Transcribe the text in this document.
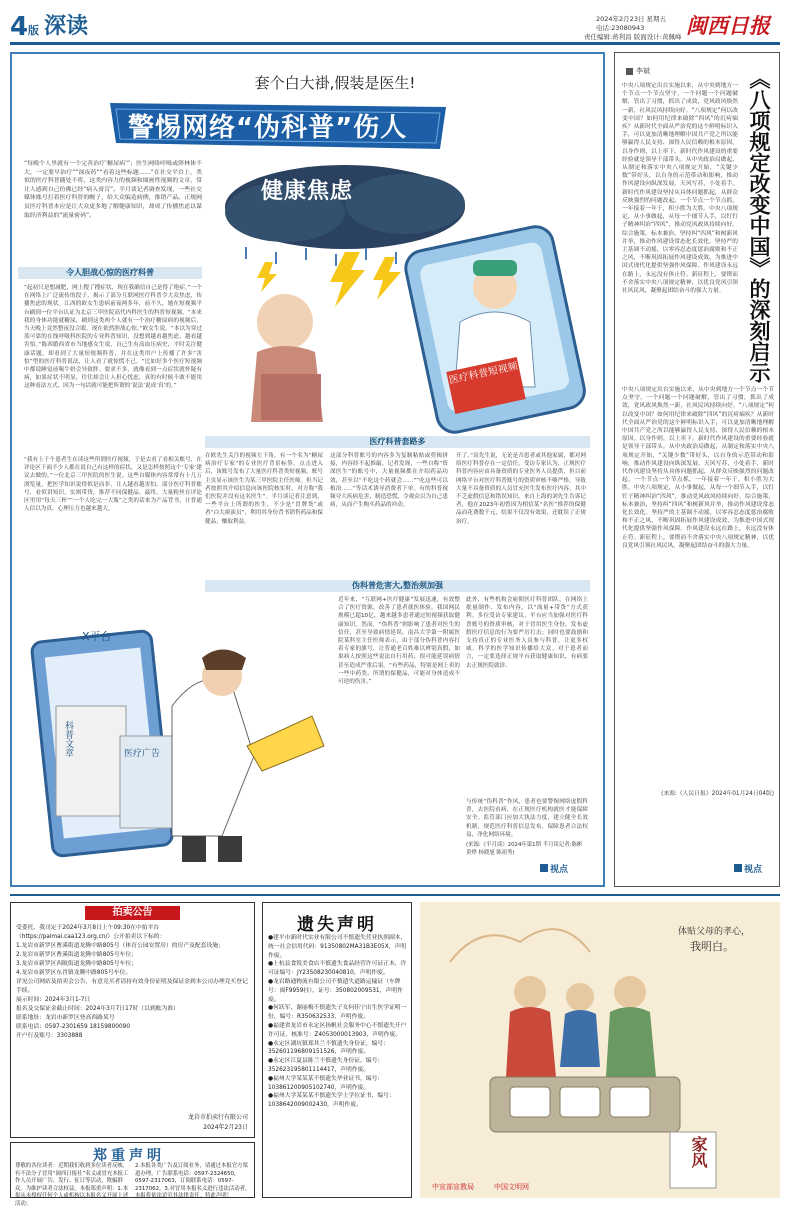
4 版 深读	2024年2月23日 星期五
电话:23080943
责任编辑:蒋利昌 版面设计:黄佩峰 闽西日报
套个白大褂,假装是医生!
警惕网络“伪科普”伤人
“每晚个人里就有一个完善治疗‘糖尿病’”；医生网络呼吸或胖林体不大，一定要早治疗”“深夜药”“看着这些标题……”在社交平台上，类似的医疗科普随处不将，这类内容力的视频和图画性视频的文章，常让人感到自己仿佛已经“病入膏肓”。半月谈记者调查发现，一些社交媒体账号打着医疗科普的幌子，给大众编造病例、推销产品。正规网页医疗科普本应是让大众更多地了解健康知识，却成了传播焦虑以谋取经济利益的“流量密码”。
健康焦虑
医疗科普短视频
令人胆战心惊的医疗科普
“起初只是想减肥，网上搜了搜症状，现在我确信自己是得了绝症。”一个在网络上广泛流传的段子，揭示了部分互联网医疗科普令大众焦虑，传播焦虑的现状。江西的欧女生患病前夜两多年，前不久，她在短视频平台刷到一位平台认证为北京三甲医院高代内科医生的科普短视频。“本来我的身体功能就糖尿，刷到这类两个人就有一个治疗糖尿病的视频后，当天晚上竟然整夜没合眼，现在依然胆战心惊。”欧女生说。“本以为穿过蓝可靠的在线呼吸科医院的专业科普知识，没想到越看越焦虑，越看越害怕。”陈西婚西省市当地感女生说，自己生有高血压病史，平时关注健康话题，却看到了大量短视频科普，并在这类用户上传播了许多“害怕”型的医疗科普说法，让人看了就惊慌不已。“比如好多个医疗短视频中都说睡觉前喝牛奶会导致胖。要求不多，就像看到一点症状就怀疑有病，如果症状不明显，往往却会让人担心忧虑，真的有时候不敢不能用这种看法方式，因为一句话就可能把所谓的‘说法’说成‘真’的。”
“我有上千个患者生在读这些所谓医疗视频，于是去看了看相关账号，在评论区下面不少人都在说自己有这样的症状，又是怎样按照这个‘专家’建议去做的。”一位北京三甲医院的医生说。这些自媒体内容常常有十几万浏览量，把医学知识说得似是而非，让人越看越害怕。部分医疗科普账号，看似讲知识，实则带货，推荐不同保健品。最终，大量粉丝在评论区里用“每天三杯”“一个人吃完一大瓶”之类的话来为产品背书，让普通人信以为真，心理压力也越来越大。
医疗科普套路多
在欧先生关注的视频左下角，有一个名为“糖尿病治疗专家”的专业医疗背景标签。点击进入后，该账号发布了大量医疗科普类短视频，账号主页显示该医生为某三甲医院主任医师。但当记者按照其介绍信息向该医院核实时，对方称“我们医院并没有这名医生”。半月谈记者注意到，一些平台上所谓的医生，不少是“冒牌货”或者“白大褂演员”，利用其身份背书销售药品和保健品，赚取利益。
这部分科普账号的内容多为复制粘贴或剪辑拼接，内容经不起推敲。记者发现，一些自称“资深医生”的账号中，大量视频都在介绍药品功效，甚至以“不吃这个药就会……”“吃这些可以根治……”等话术诱导消费者下单。有的科普视频夸大疾病危害，制造恐慌，令观众以为自己患病，从而产生购买药品的冲动。
开了。”高先生说，无论是否患者或其他家属，都对网络医疗科普存在一定信任。受访专家认为，正规医疗科普内容应由具备资质的专业医务人员提供，但目前网络平台对医疗科普账号的资质审核不够严格，导致大量不具备资质的人员冒充医生发布医疗内容，其中不乏虚假信息和错误知识。来自上海的刘先生告诉记者，他在2023年初曾因为相信某“名医”推荐的保健品而花费数千元，结果不仅没有效果，还耽误了正规治疗。
伪科普危害大,整治须加强
X平台
科普文章	医疗广告
近年来，“互联网+医疗健康”发展迅速，有效整合了医疗资源，改善了患者就医体验。我国网民规模已超10亿，越来越多患者通过短视频获取健康知识。然而，“伪科普”则影响了患者对医生的信任，甚至导致病情延误。南昌大学第一附属医院某科室主任医师表示，由于部分伪科普内容打着专家的旗号，让普通老百姓难以辨别真假，如果病人按照这些说法自行用药，很可能延误病情甚至造成严重后果。“有些药品，特别是网上卖的一些中药类、所谓的保健品，可能对身体造成不可逆的伤害。”
此外，有些机构会雇佣医疗科普团队，在网络上批量制作、发布内容，以“流量+带货”方式获利。多位受访专家建议，平台应当加强对医疗科普账号的资质审核，对于冒用医生身份、发布虚假医疗信息的行为要严厉打击；同时也要鼓励和支持真正的专业医务人员参与科普，让更多权威、科学的医学知识传播给大众。对于患者而言，一定要选择正规平台获取健康知识，有病要去正规医院就诊。
与传统“伪科普”作风，患者也要警惕网络虚假科普，去医院看病，在正规医疗机构就医才能保障安全。监管部门应加大执法力度，建立健全长效机制，规范医疗科普信息发布，保障患者合法权益，净化网络环境。
(来源:《半月谈》2024年第1期 半月谈记者:陈彬 黄烨 杨晓旭 陈祖秀)
视点
李斌	《八项规定改变中国》的深刻启示
中央八项规定出台实施以来，从中央到地方一个节点一个节点坚守，一个问题一个问题破解，管出了习惯，抓出了成效，党风政风焕然一新，社风民风持续向好。“八项规定”何以改变中国？如何用纪律来破除“四风”的沉疴痼疾？从新时代全面从严治党的这个鲜明标识入手，可以更加清晰地理解中国共产党之所以能够赢得人民支持、深得人民信赖的根本原因。以身作则，以上率下。新时代作风建设的重要经验就是领导干部带头。从中央政治局做起，从制定和落实中央八项规定开始，“关键少数”带好头，以自身的示范带动和影响，推动作风建设向纵深发展。天风写苏，小处着手，新时代作风建设坚持从具体问题抓起，从群众反映强烈的问题改起，一个节点一个节点抓，一年接着一年干，积小胜为大胜。中央八项规定，从小事做起，从每一个细节入手，以钉钉子精神纠治“四风”，推动党风政风持续向好。综合施策，标本兼治，坚持纠“四风”和树新风并举，推动作风建设常态化长效化。坚持严的主基调不动摇，以零容忍态度惩治腐败和不正之风，不断巩固拓展作风建设成效，为推进中国式现代化提供坚强作风保障。作风建设永远在路上，永远没有休止符。新征程上，要锲而不舍落实中央八项规定精神，以优良党风引领社风民风，凝聚起团结奋斗的强大力量。
中央八项规定出台实施以来，从中央到地方一个节点一个节点坚守，一个问题一个问题破解，管出了习惯，抓出了成效，党风政风焕然一新，社风民风持续向好。“八项规定”何以改变中国？如何用纪律来破除“四风”的沉疴痼疾？从新时代全面从严治党的这个鲜明标识入手，可以更加清晰地理解中国共产党之所以能够赢得人民支持、深得人民信赖的根本原因。以身作则，以上率下。新时代作风建设的重要经验就是领导干部带头。从中央政治局做起，从制定和落实中央八项规定开始，“关键少数”带好头，以自身的示范带动和影响，推动作风建设向纵深发展。天风写苏，小处着手，新时代作风建设坚持从具体问题抓起，从群众反映强烈的问题改起，一个节点一个节点抓，一年接着一年干，积小胜为大胜。中央八项规定，从小事做起，从每一个细节入手，以钉钉子精神纠治“四风”，推动党风政风持续向好。综合施策，标本兼治，坚持纠“四风”和树新风并举，推动作风建设常态化长效化。坚持严的主基调不动摇，以零容忍态度惩治腐败和不正之风，不断巩固拓展作风建设成效，为推进中国式现代化提供坚强作风保障。作风建设永远在路上，永远没有休止符。新征程上，要锲而不舍落实中央八项规定精神，以优良党风引领社风民风，凝聚起团结奋斗的强大力量。
(来源:《人民日报》2024年01月24日04版)
视点
拍卖公告

受委托，我司定于2024年3月8日上午09:30在中拍平台（https://paimai.caa123.org.cn/）公开拍卖以下标的：

1.龙岩市新罗区曹溪街道龙腾中路805号（体育公园安置房）的房产及配套设施；

2.龙岩市新罗区曹溪街道龙腾中路805号车位；

3.龙岩市新罗区西陂街道龙腾中路805号车位；

4.龙岩市新罗区东肖镇龙腾中路805号车位。

详见公司网站及拍卖会公告，有意竞买者请持有效身份证明及保证金到本公司办理竞买登记手续。

展示时间：2024年3月1-7日

报名及交保证金截止时间：2024年3月7日17时（以到账为准）

联系地址：龙岩市新罗区登高西路某号

联系电话：0597-2301659 18159800090

开户行及账号：3303888

龙岩市拍卖行有限公司
2024年2月23日
郑重声明
尊敬的各位读者：近期我们收到多位读者反映，有不法分子冒用“闽西日报社”名义或冒充本报工作人员开展广告、发行、征订等活动，欺骗群众。为维护读者合法权益，本报郑重声明：1.本报从未授权任何个人或机构以本报名义开展上述活动；
2.本报各类广告及订阅业务，请通过本报官方渠道办理，广告联系电话：0597-2324650，0597-2317063，订阅联系电话：0597-2317062。3.对冒用本报名义进行违法活动者，本报将依法追究其法律责任。特此声明！
遗失声明

●建平市新时代实业有限公司不慎遗失营业执照副本，统一社会信用代码：91350802MA31B3E05X，声明作废。

●上杭县食锐美食店不慎遗失食品经营许可证正本，许可证编号：JY23508230040810，声明作废。

●龙岩路通物流有限公司不慎遗失道路运输证（车牌号：闽F9959挂），证号：350802009531，声明作废。

●何跃军，谢丽梅不慎遗失子女何佳宁出生医学证明一份，编号：R350632533，声明作废。

●福建省龙岩市永定区扬帆社会服务中心不慎遗失开户许可证，核准号：Z4053000013903，声明作废。

●永定区湖坑镇郑其兰不慎遗失身份证，编号：352601196809151526，声明作废。

●永定区江夏县陈兰不慎遗失身份证，编号：352623195801114417，声明作废。

●福州大学某某某不慎遗失毕业证书，编号：103861200905102740，声明作废。

●福州大学某某某不慎遗失学士学位证书，编号：1038642009002430，声明作废。

体贴父母的孝心，
我明白。
家风
中宣部宣教局	中国文明网
